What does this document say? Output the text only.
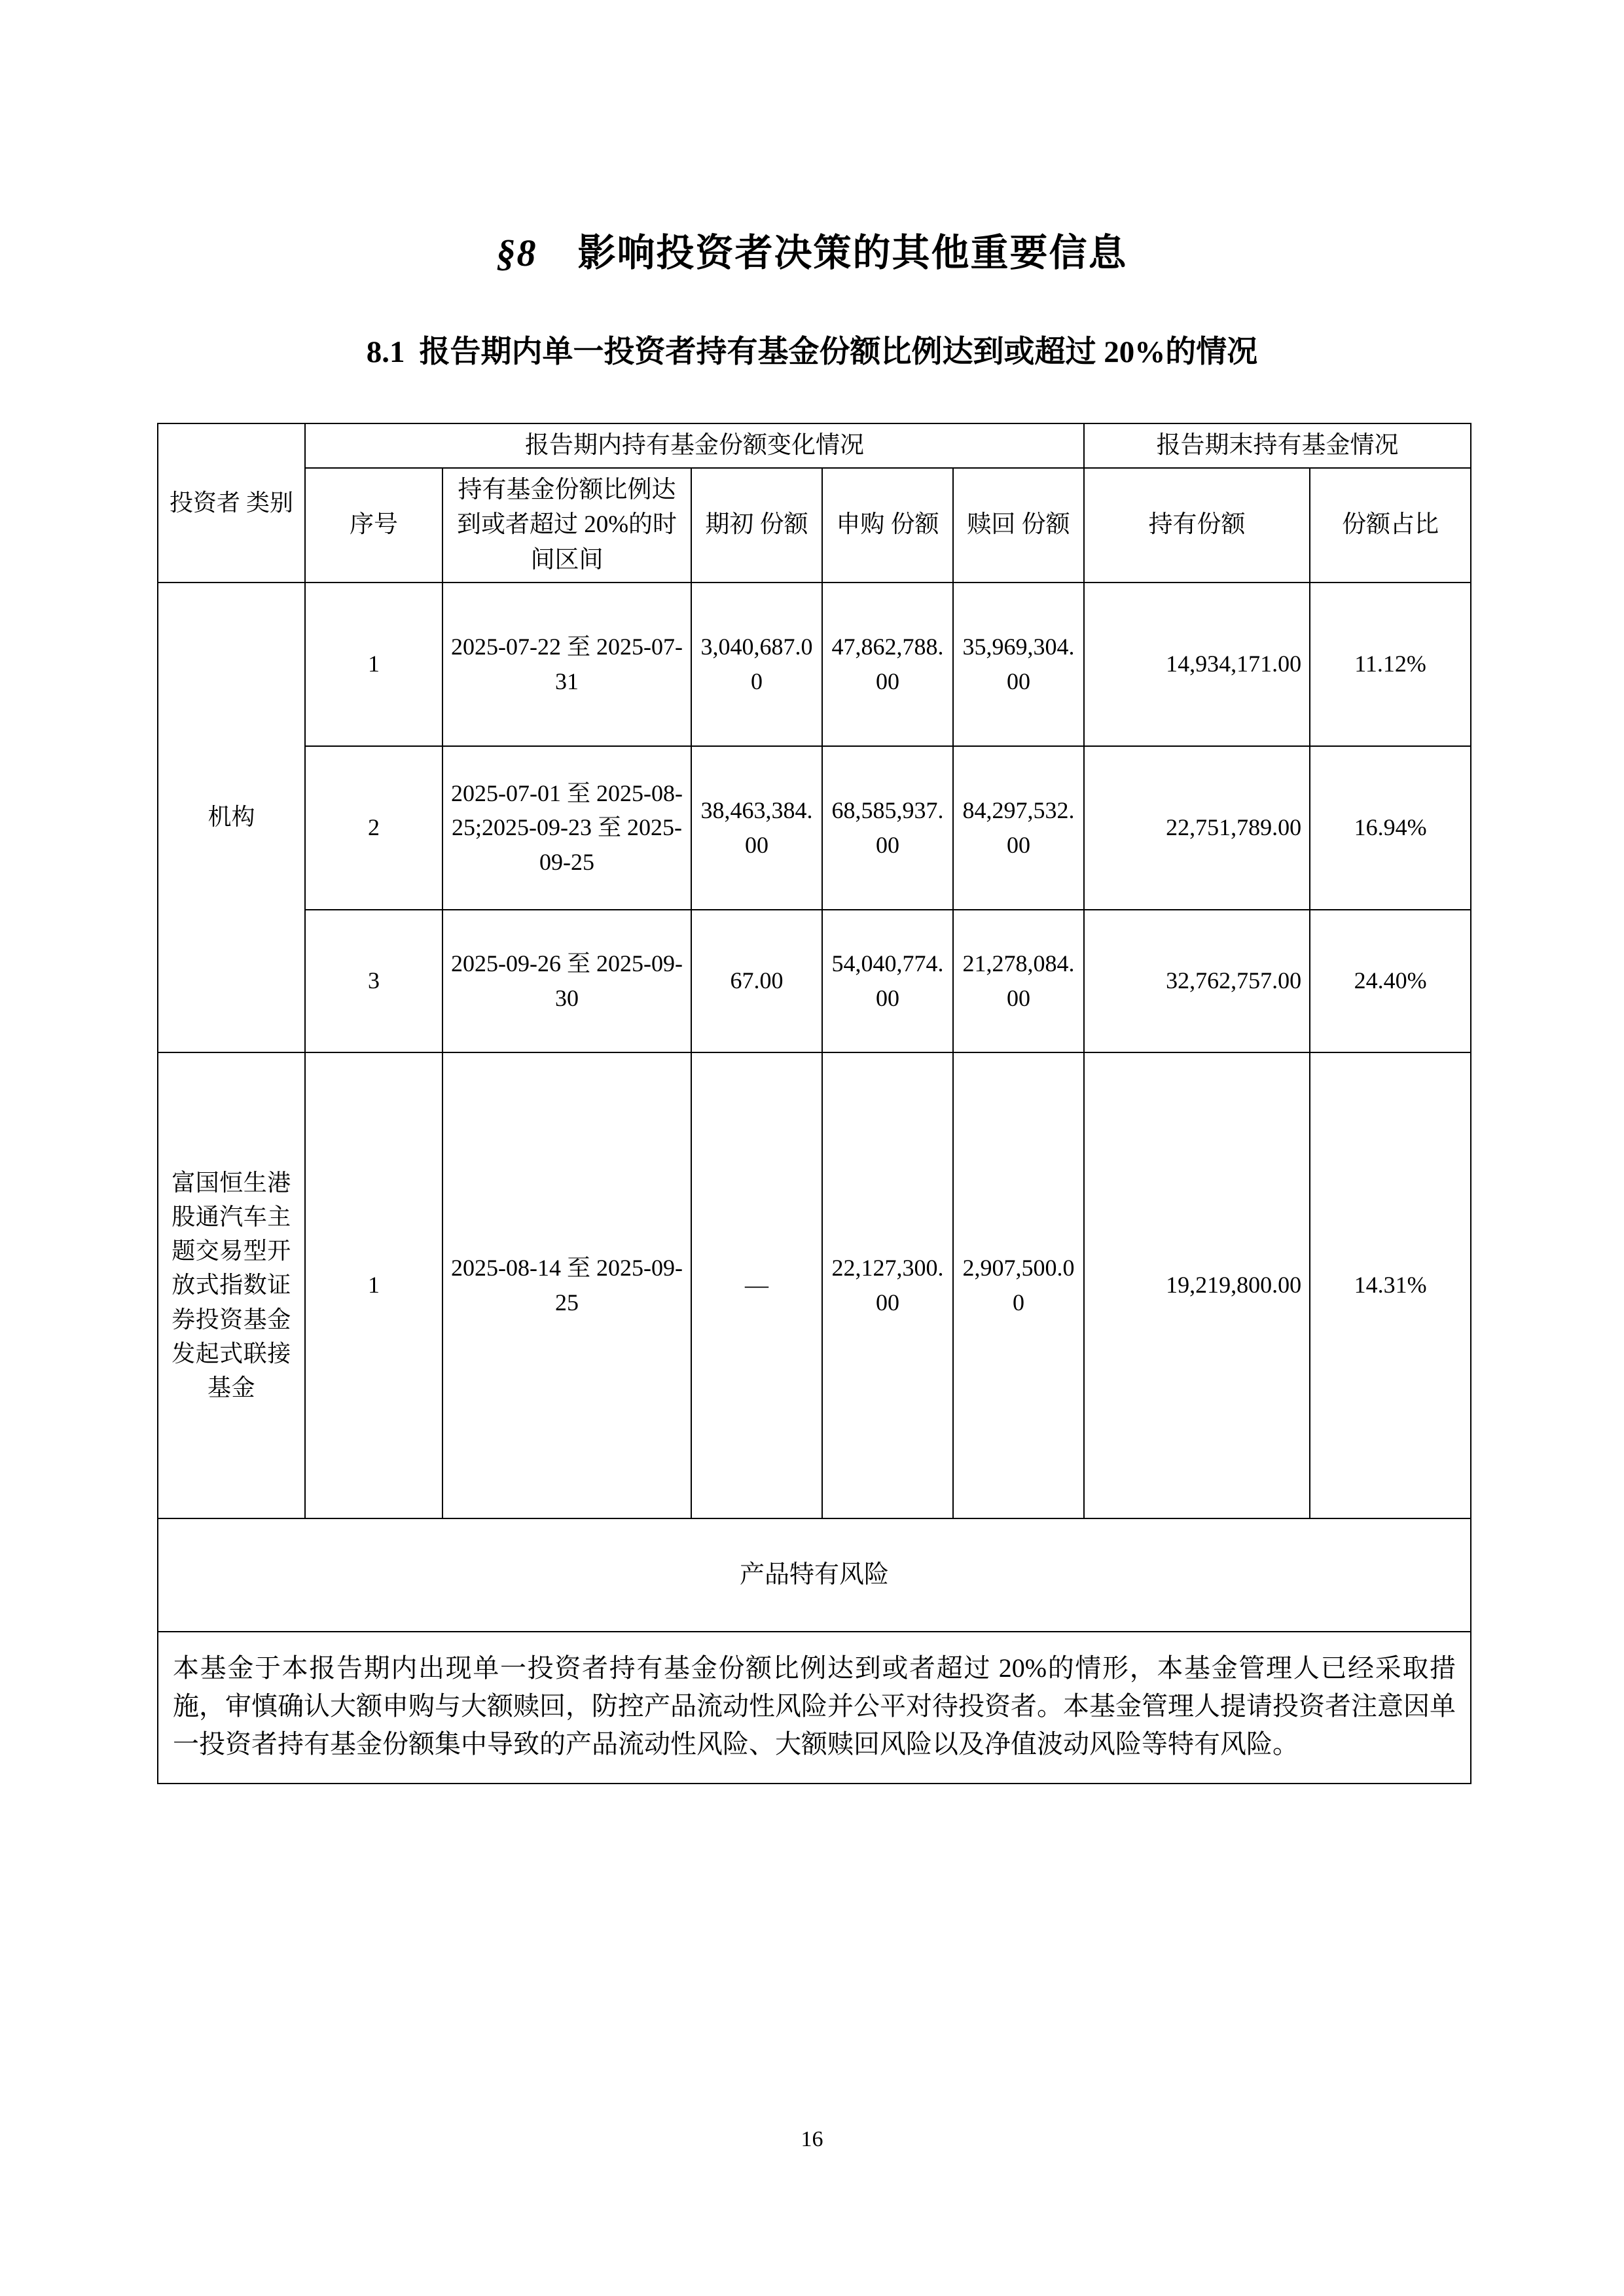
§8 影响投资者决策的其他重要信息
8.1 报告期内单一投资者持有基金份额比例达到或超过 20%的情况
投资者 类别	报告期内持有基金份额变化情况					报告期末持有基金情况	
	序号	持有基金份额比例达到或者超过 20%的时间区间	期初 份额	申购 份额	赎回 份额	持有份额	份额占比
机构	1	2025-07-22 至 2025-07-31	3,040,687.00	47,862,788.00	35,969,304.00	14,934,171.00	11.12%
	2	2025-07-01 至 2025-08-25;2025-09-23 至 2025-09-25	38,463,384.00	68,585,937.00	84,297,532.00	22,751,789.00	16.94%
	3	2025-09-26 至 2025-09-30	67.00	54,040,774.00	21,278,084.00	32,762,757.00	24.40%
富国恒生港股通汽车主题交易型开放式指数证券投资基金发起式联接基金	1	2025-08-14 至 2025-09-25	—	22,127,300.00	2,907,500.00	19,219,800.00	14.31%
产品特有风险							

本基金于本报告期内出现单一投资者持有基金份额比例达到或者超过 20%的情形，本基金管理人已经采取措施，审慎确认大额申购与大额赎回，防控产品流动性风险并公平对待投资者。本基金管理人提请投资者注意因单一投资者持有基金份额集中导致的产品流动性风险、大额赎回风险以及净值波动风险等特有风险。							

16
